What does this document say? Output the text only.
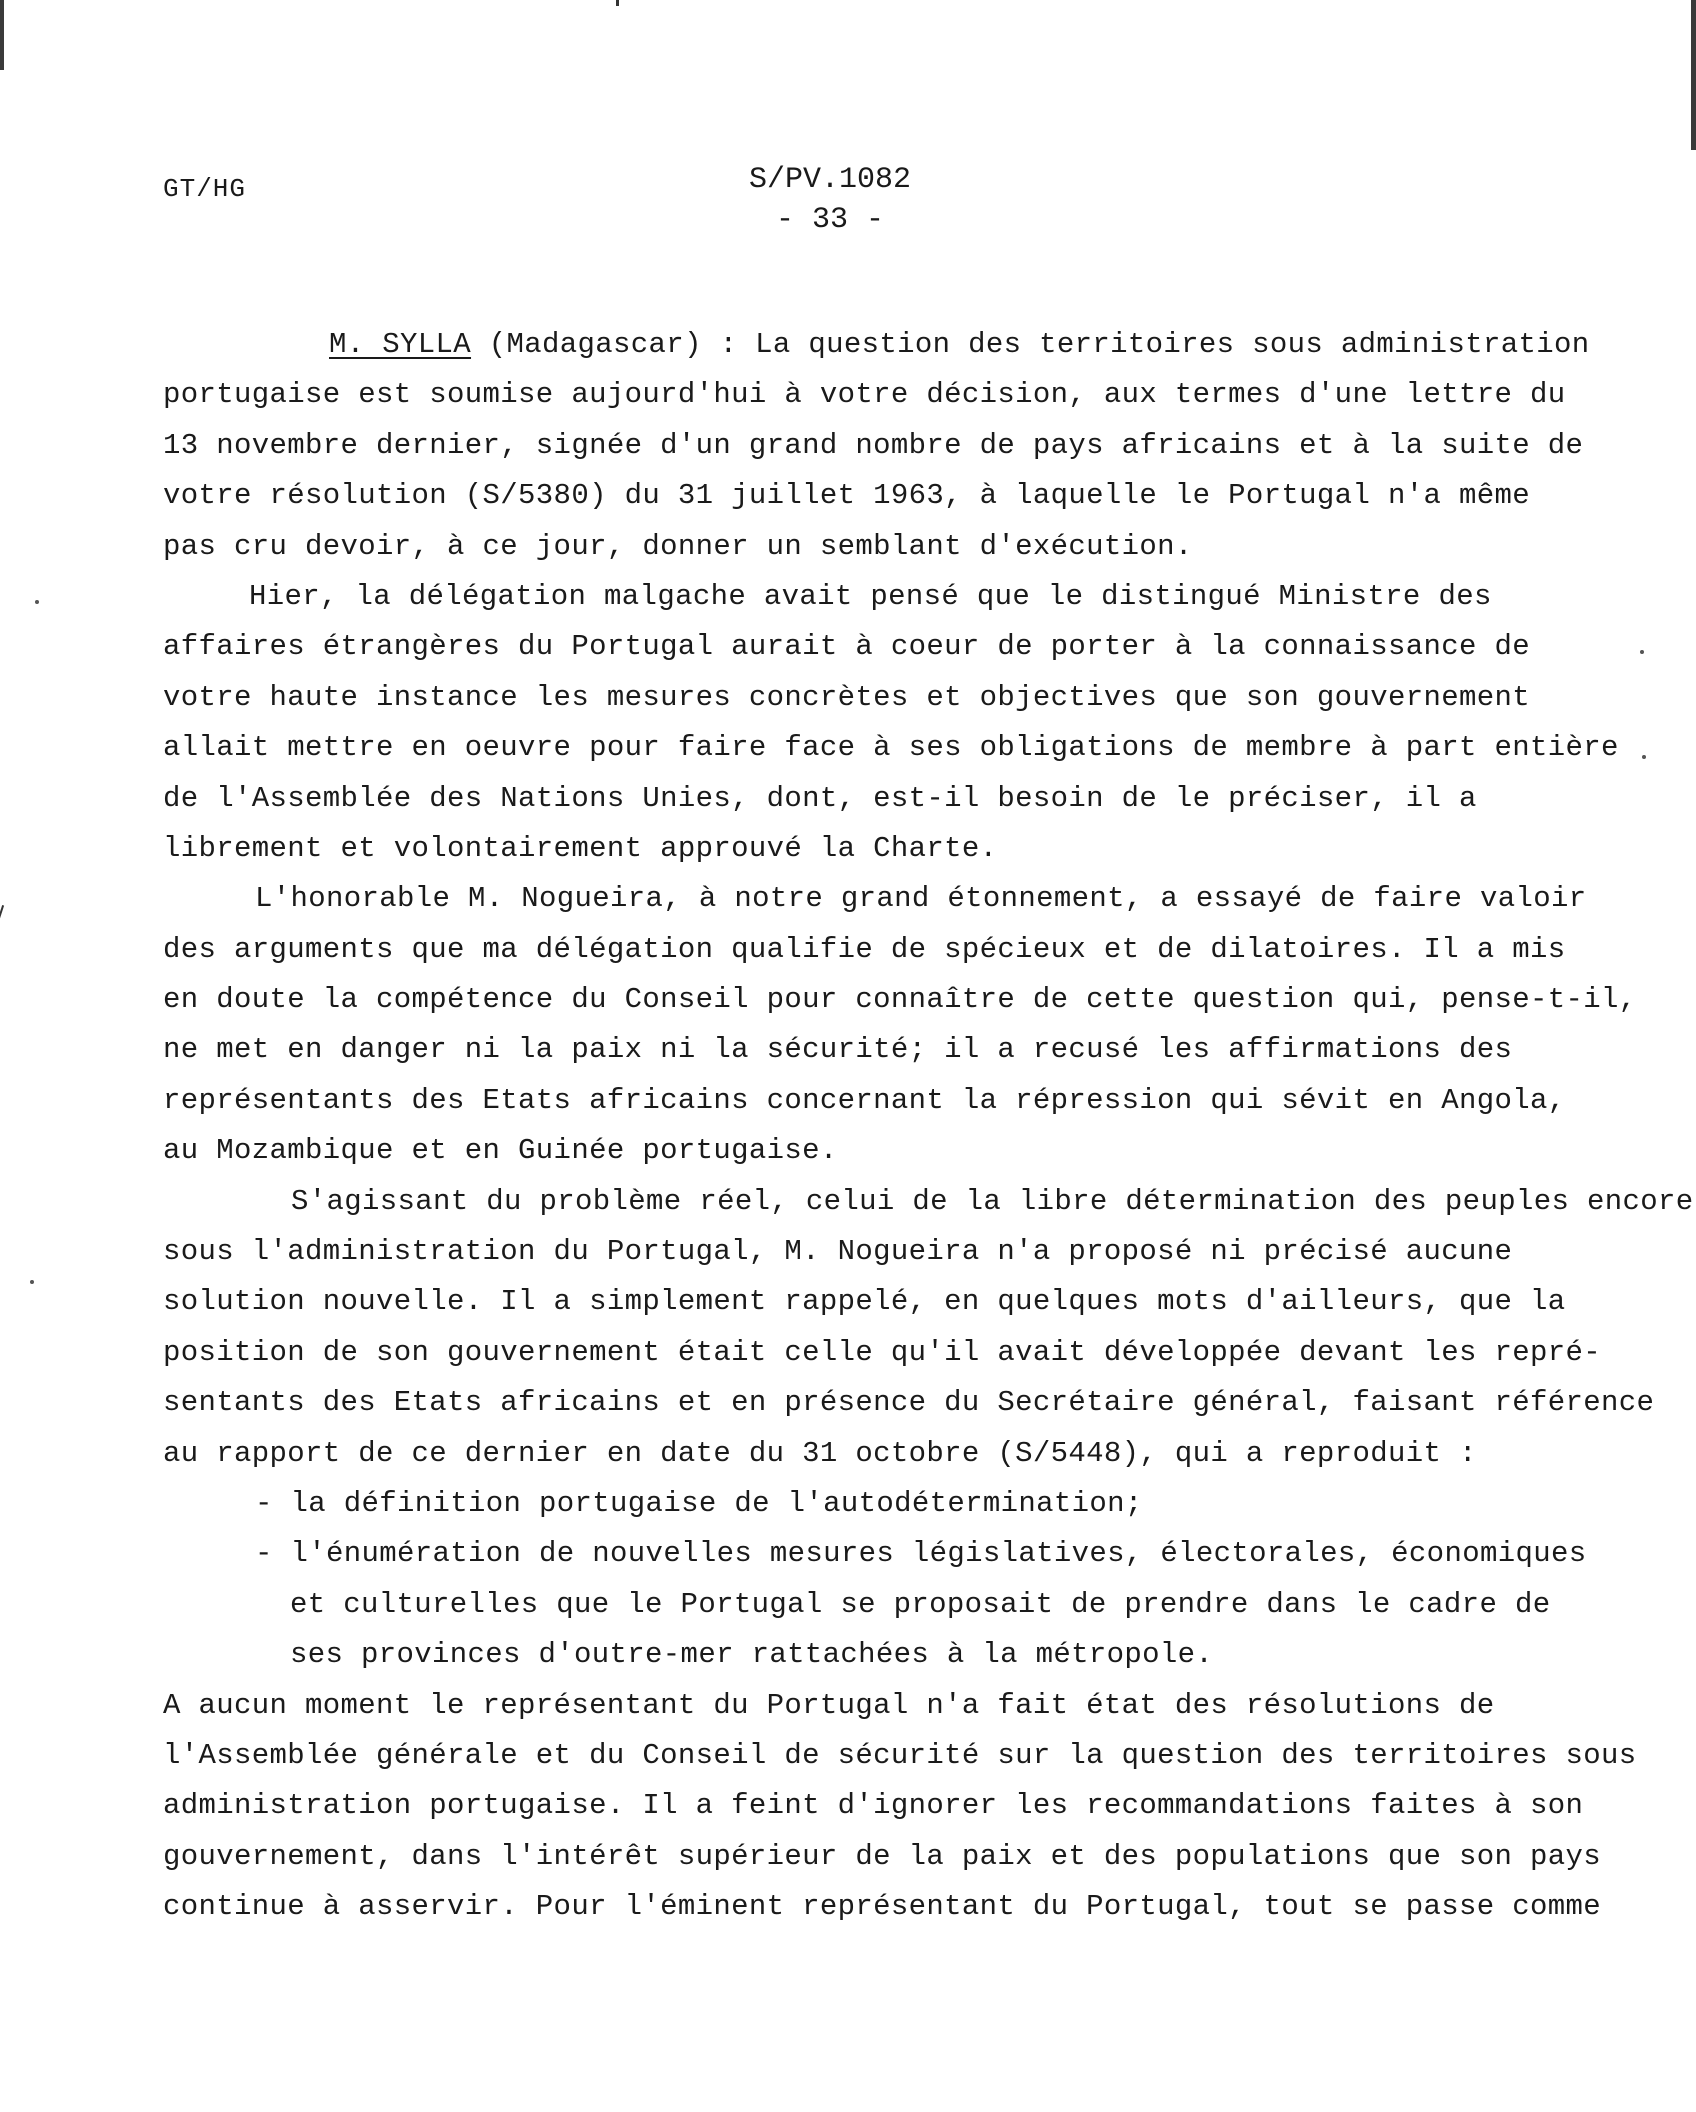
GT/HG	S/PV.1082
- 33 -
M. SYLLA (Madagascar) : La question des territoires sous administration
portugaise est soumise aujourd'hui à votre décision, aux termes d'une lettre du
13 novembre dernier, signée d'un grand nombre de pays africains et à la suite de
votre résolution (S/5380) du 31 juillet 1963, à laquelle le Portugal n'a même
pas cru devoir, à ce jour, donner un semblant d'exécution.
Hier, la délégation malgache avait pensé que le distingué Ministre des
affaires étrangères du Portugal aurait à coeur de porter à la connaissance de
votre haute instance les mesures concrètes et objectives que son gouvernement
allait mettre en oeuvre pour faire face à ses obligations de membre à part entière
de l'Assemblée des Nations Unies, dont, est-il besoin de le préciser, il a
librement et volontairement approuvé la Charte.
L'honorable M. Nogueira, à notre grand étonnement, a essayé de faire valoir
des arguments que ma délégation qualifie de spécieux et de dilatoires. Il a mis
en doute la compétence du Conseil pour connaître de cette question qui, pense-t-il,
ne met en danger ni la paix ni la sécurité; il a recusé les affirmations des
représentants des Etats africains concernant la répression qui sévit en Angola,
au Mozambique et en Guinée portugaise.
S'agissant du problème réel, celui de la libre détermination des peuples encore
sous l'administration du Portugal, M. Nogueira n'a proposé ni précisé aucune
solution nouvelle. Il a simplement rappelé, en quelques mots d'ailleurs, que la
position de son gouvernement était celle qu'il avait développée devant les repré-
sentants des Etats africains et en présence du Secrétaire général, faisant référence
au rapport de ce dernier en date du 31 octobre (S/5448), qui a reproduit :
- la définition portugaise de l'autodétermination;
- l'énumération de nouvelles mesures législatives, électorales, économiques
et culturelles que le Portugal se proposait de prendre dans le cadre de
ses provinces d'outre-mer rattachées à la métropole.
A aucun moment le représentant du Portugal n'a fait état des résolutions de
l'Assemblée générale et du Conseil de sécurité sur la question des territoires sous
administration portugaise. Il a feint d'ignorer les recommandations faites à son
gouvernement, dans l'intérêt supérieur de la paix et des populations que son pays
continue à asservir. Pour l'éminent représentant du Portugal, tout se passe comme
